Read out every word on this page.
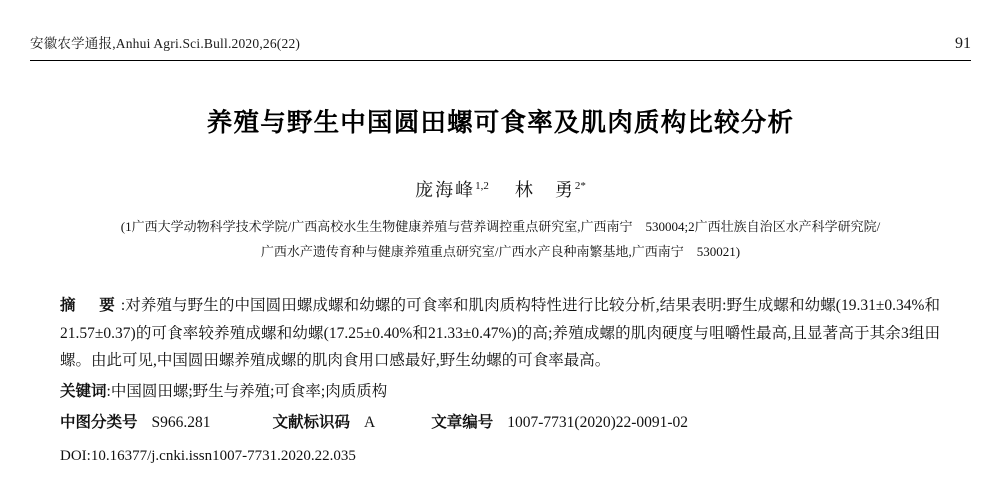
安徽农学通报,Anhui Agri.Sci.Bull.2020,26(22)	91
养殖与野生中国圆田螺可食率及肌肉质构比较分析
庞海峰$^{1,2}$ 林　勇$^{2*}$
(1广西大学动物科学技术学院/广西高校水生生物健康养殖与营养调控重点研究室,广西南宁　530004;2广西壮族自治区水产科学研究院/
广西水产遗传育种与健康养殖重点研究室/广西水产良种南繁基地,广西南宁　530021)
摘　要 :对养殖与野生的中国圆田螺成螺和幼螺的可食率和肌肉质构特性进行比较分析,结果表明:野生成螺和幼螺(19.31±0.34%和21.57±0.37)的可食率较养殖成螺和幼螺(17.25±0.40%和21.33±0.47%)的高;养殖成螺的肌肉硬度与咀嚼性最高,且显著高于其余3组田螺。由此可见,中国圆田螺养殖成螺的肌肉食用口感最好,野生幼螺的可食率最高。
关键词:中国圆田螺;野生与养殖;可食率;肉质质构
中图分类号 S966.281	文献标识码 A	文章编号 1007-7731(2020)22-0091-02
DOI:10.16377/j.cnki.issn1007-7731.2020.22.035
